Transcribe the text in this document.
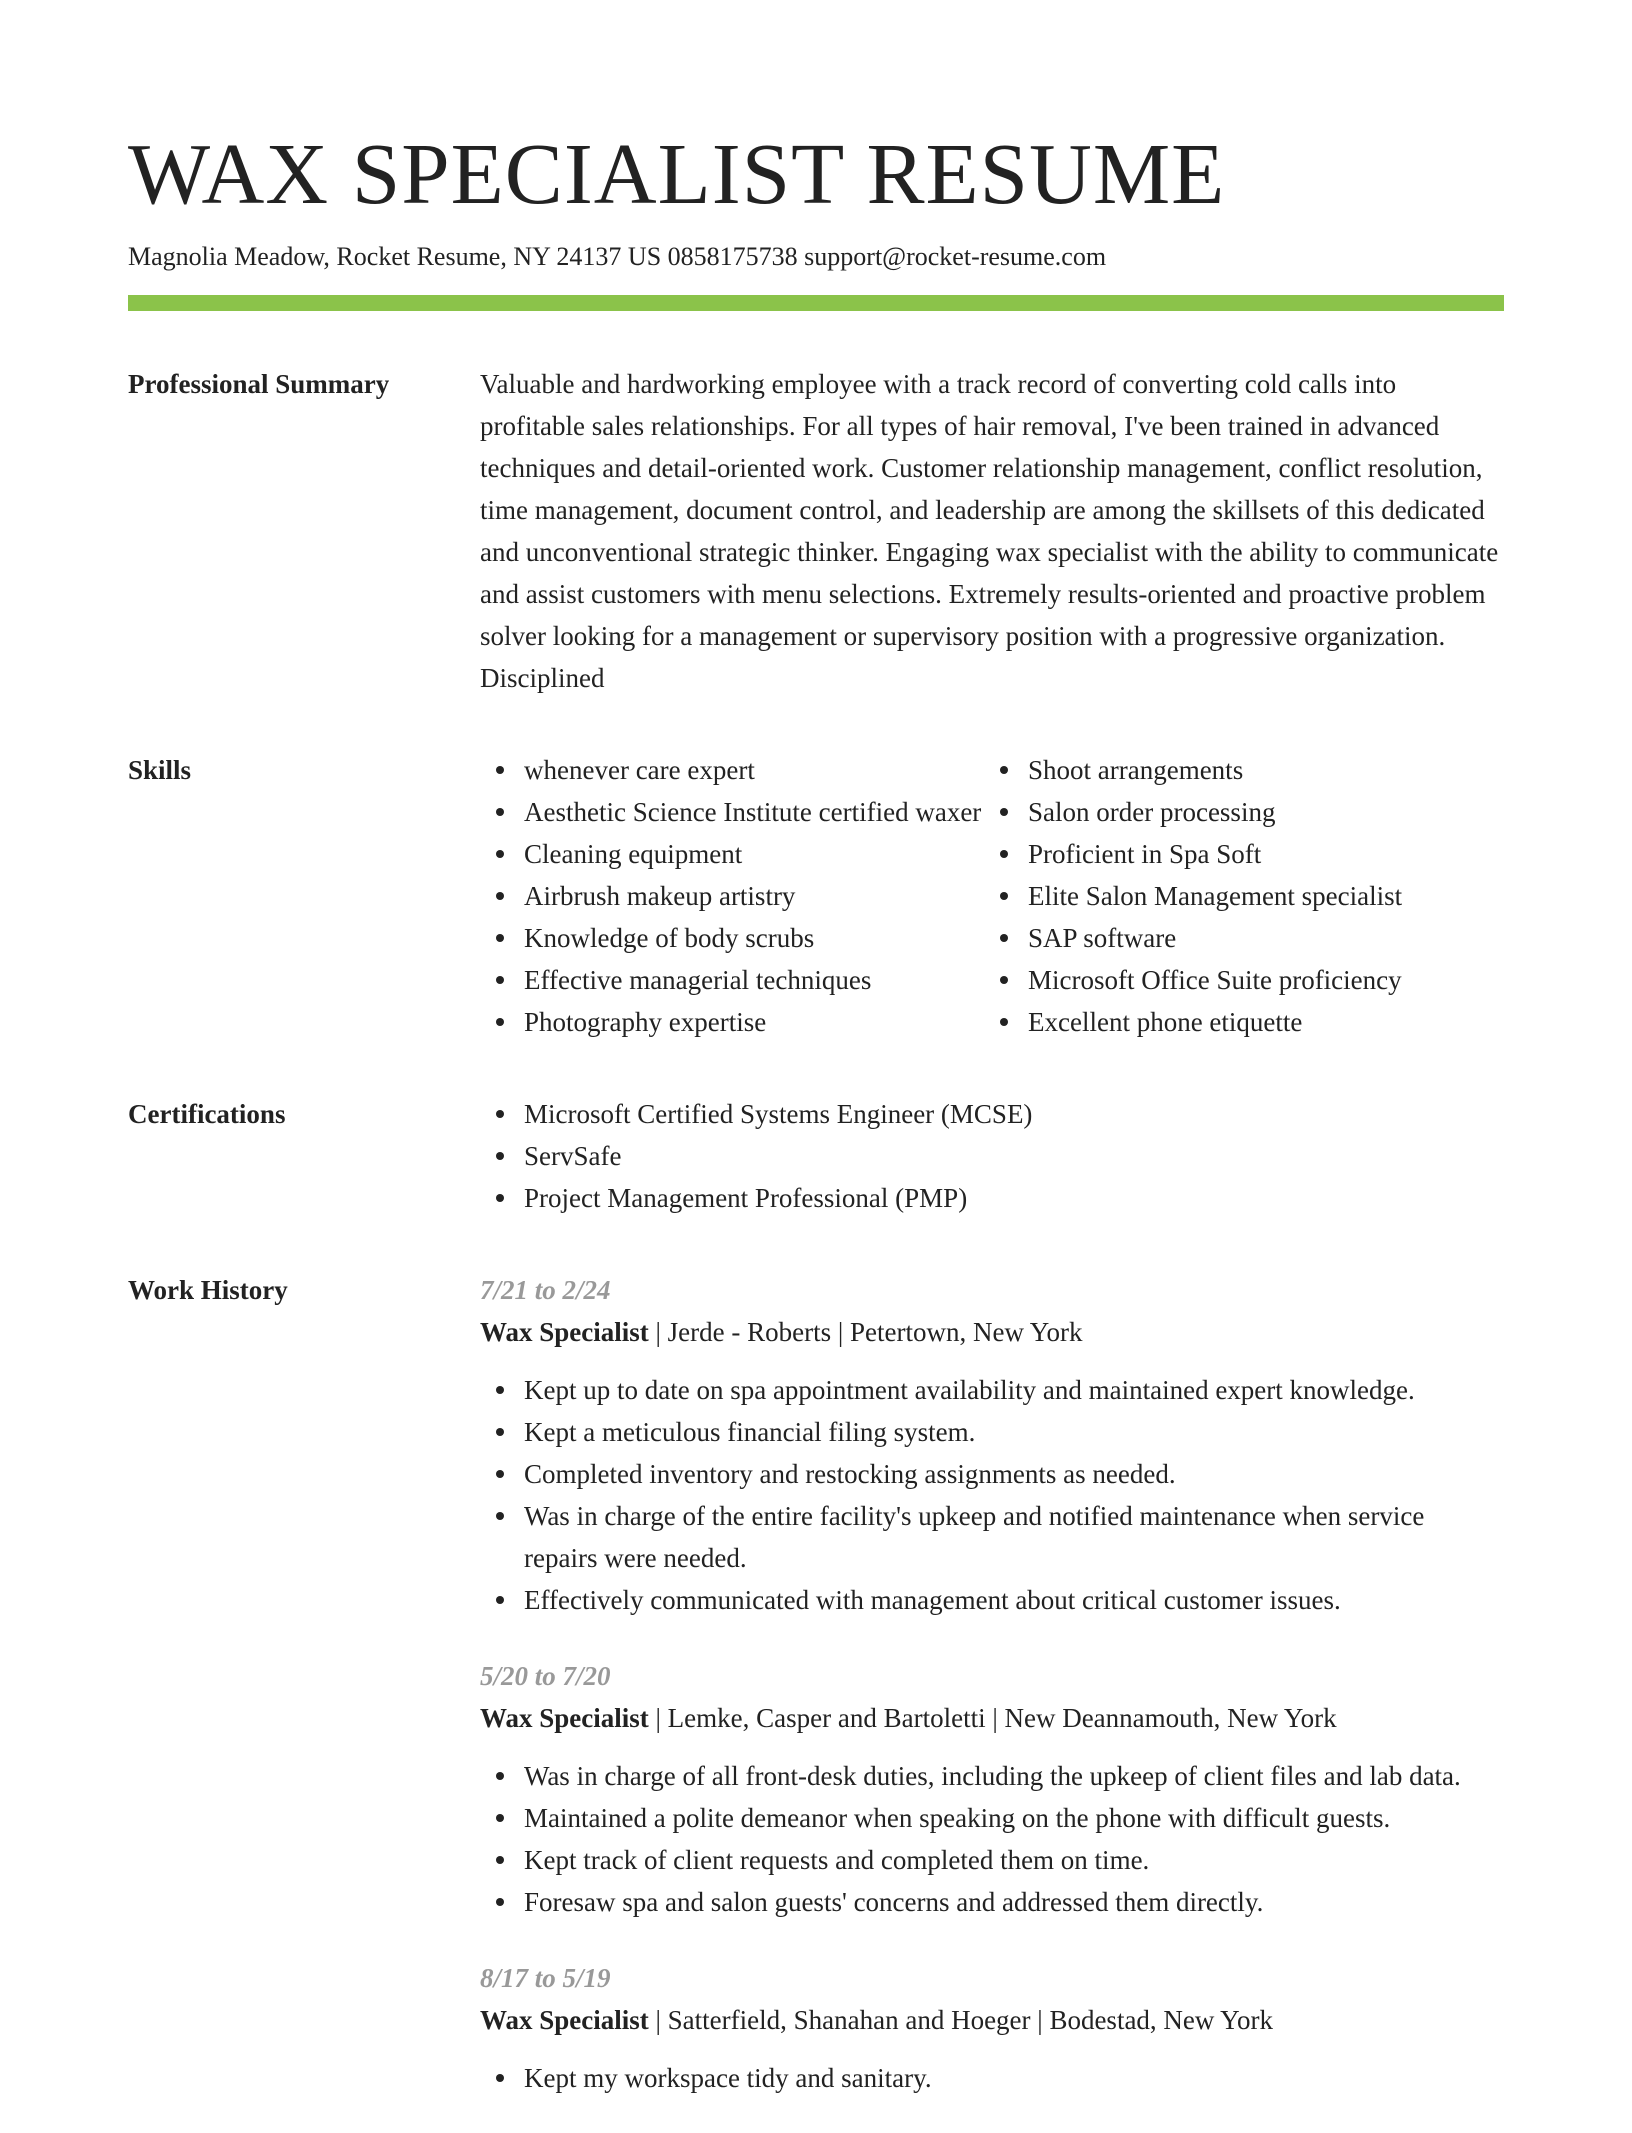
WAX SPECIALIST RESUME
Magnolia Meadow, Rocket Resume, NY 24137 US 0858175738 support@rocket-resume.com
Professional Summary	Valuable and hardworking employee with a track record of converting cold calls into profitable sales relationships. For all types of hair removal, I've been trained in advanced techniques and detail-oriented work. Customer relationship management, conflict resolution, time management, document control, and leadership are among the skillsets of this dedicated and unconventional strategic thinker. Engaging wax specialist with the ability to communicate and assist customers with menu selections. Extremely results-oriented and proactive problem solver looking for a management or supervisory position with a progressive organization. Disciplined

Skills	whenever care expert
Aesthetic Science Institute certified waxer
Cleaning equipment
Airbrush makeup artistry
Knowledge of body scrubs
Effective managerial techniques
Photography expertise
Shoot arrangements
Salon order processing
Proficient in Spa Soft
Elite Salon Management specialist
SAP software
Microsoft Office Suite proficiency
Excellent phone etiquette
Certifications	Microsoft Certified Systems Engineer (MCSE)
ServSafe
Project Management Professional (PMP)
Work History	7/21 to 2/24
Wax Specialist | Jerde - Roberts | Petertown, New York
Kept up to date on spa appointment availability and maintained expert knowledge.
Kept a meticulous financial filing system.
Completed inventory and restocking assignments as needed.
Was in charge of the entire facility's upkeep and notified maintenance when service repairs were needed.
Effectively communicated with management about critical customer issues.
5/20 to 7/20
Wax Specialist | Lemke, Casper and Bartoletti | New Deannamouth, New York
Was in charge of all front-desk duties, including the upkeep of client files and lab data.
Maintained a polite demeanor when speaking on the phone with difficult guests.
Kept track of client requests and completed them on time.
Foresaw spa and salon guests' concerns and addressed them directly.
8/17 to 5/19
Wax Specialist | Satterfield, Shanahan and Hoeger | Bodestad, New York
Kept my workspace tidy and sanitary.
